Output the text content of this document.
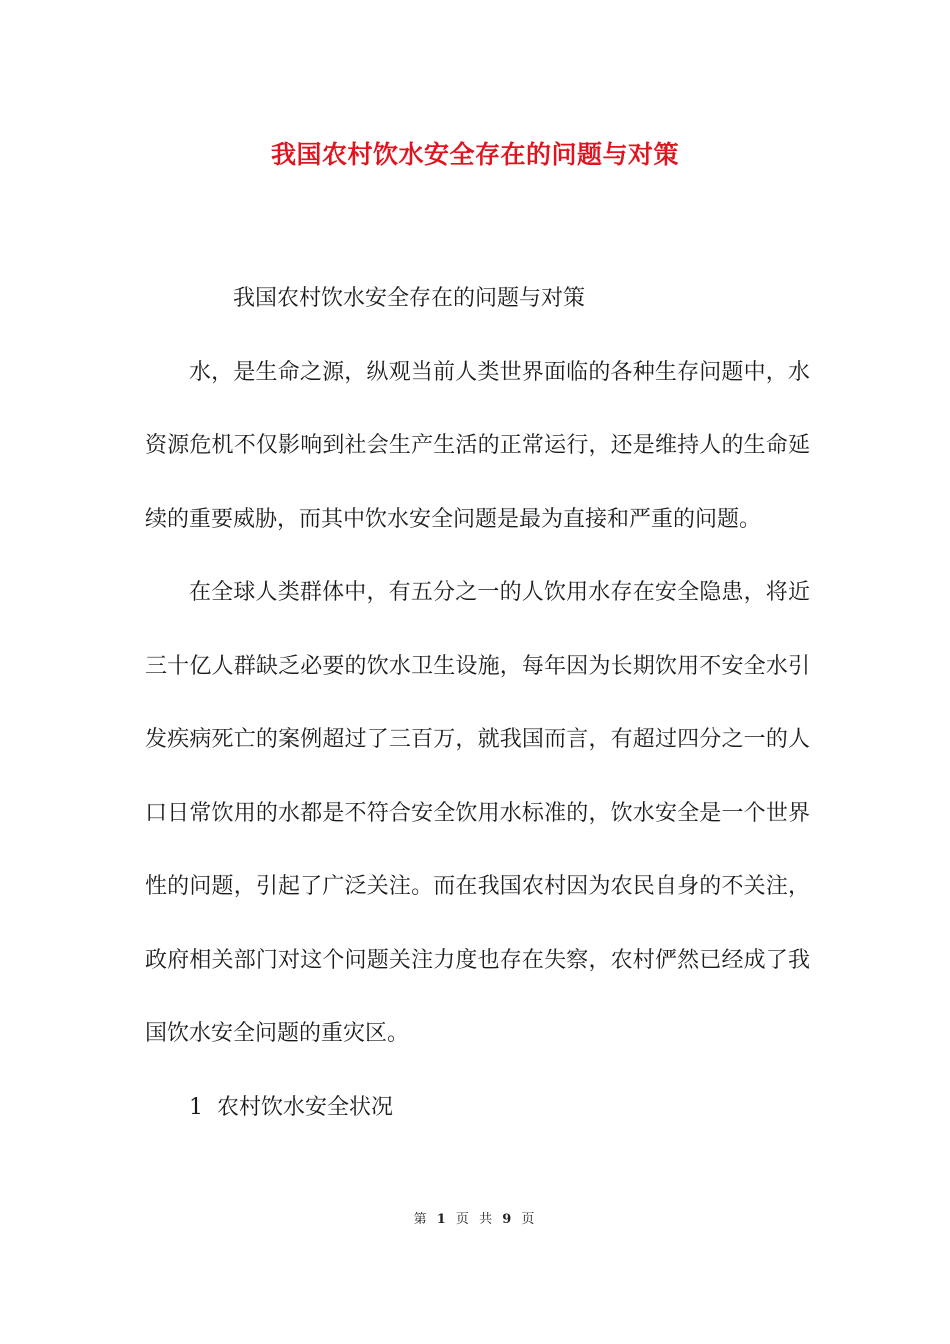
我国农村饮水安全存在的问题与对策

我国农村饮水安全存在的问题与对策

水，是生命之源，纵观当前人类世界面临的各种生存问题中，水资源危机不仅影响到社会生产生活的正常运行，还是维持人的生命延续的重要威胁，而其中饮水安全问题是最为直接和严重的问题。

在全球人类群体中，有五分之一的人饮用水存在安全隐患，将近三十亿人群缺乏必要的饮水卫生设施，每年因为长期饮用不安全水引发疾病死亡的案例超过了三百万，就我国而言，有超过四分之一的人口日常饮用的水都是不符合安全饮用水标准的，饮水安全是一个世界性的问题，引起了广泛关注。而在我国农村因为农民自身的不关注，政府相关部门对这个问题关注力度也存在失察，农村俨然已经成了我国饮水安全问题的重灾区。

1  农村饮水安全状况

第 1 页 共 9 页
